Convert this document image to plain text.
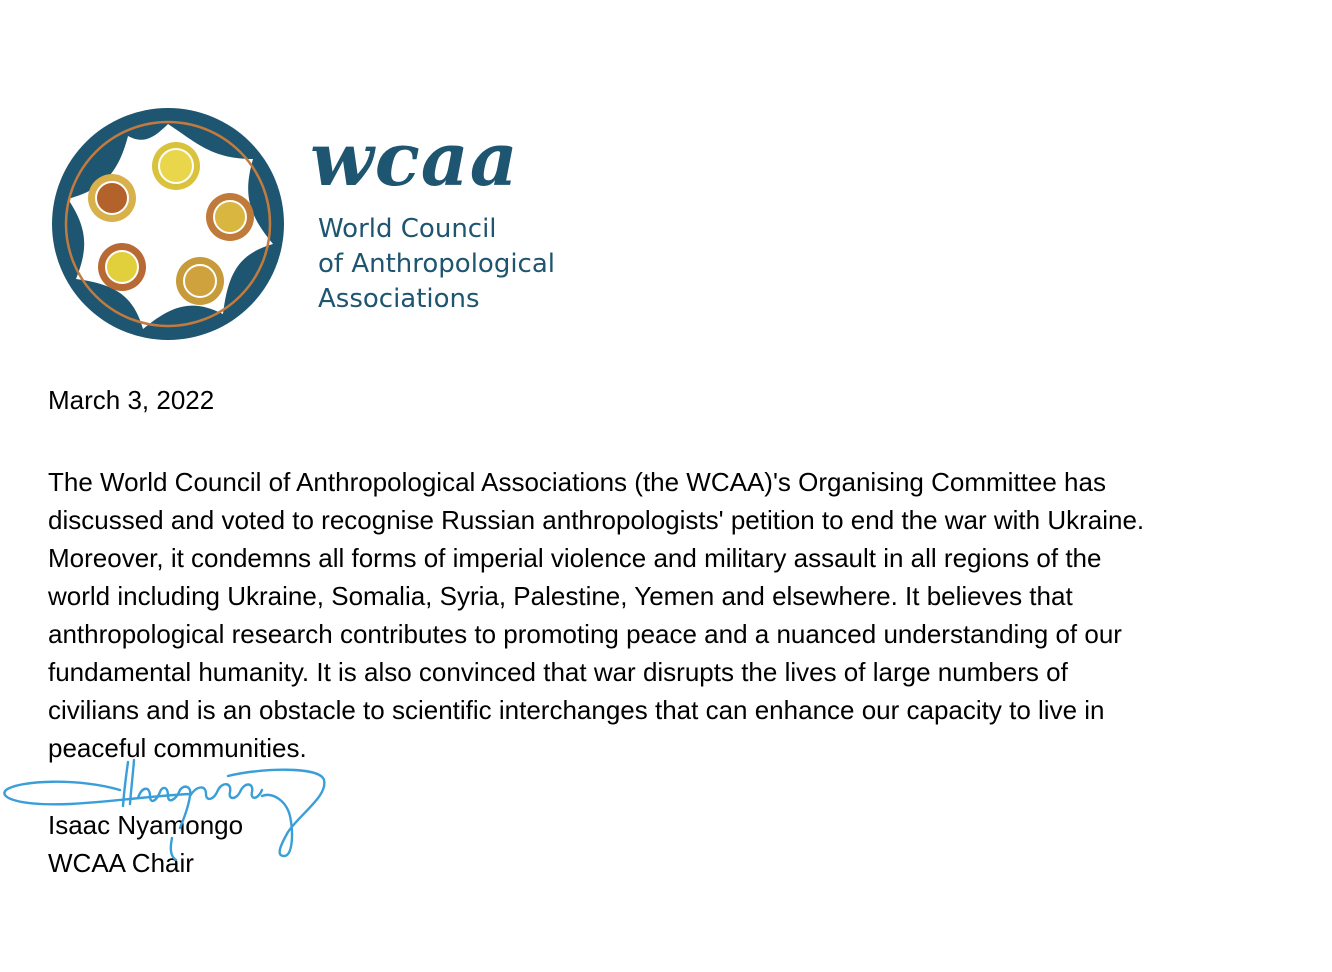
wcaa
World Council
of Anthropological
Associations
March 3, 2022
The World Council of Anthropological Associations (the WCAA)'s Organising Committee has
discussed and voted to recognise Russian anthropologists' petition to end the war with Ukraine.
Moreover, it condemns all forms of imperial violence and military assault in all regions of the
world including Ukraine, Somalia, Syria, Palestine, Yemen and elsewhere. It believes that
anthropological research contributes to promoting peace and a nuanced understanding of our
fundamental humanity. It is also convinced that war disrupts the lives of large numbers of
civilians and is an obstacle to scientific interchanges that can enhance our capacity to live in
peaceful communities.
Isaac Nyamongo
WCAA Chair
